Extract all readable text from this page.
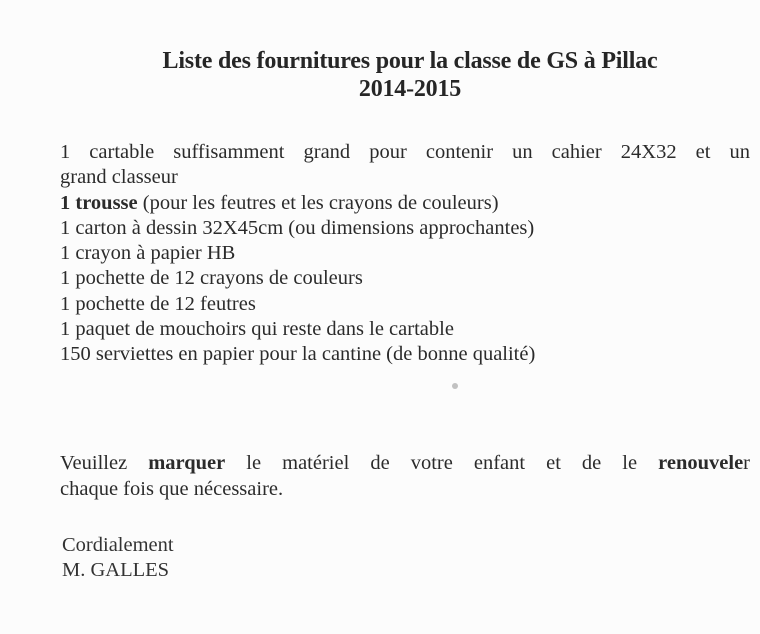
Liste des fournitures pour la classe de GS à Pillac
2014-2015
1 cartable suffisamment grand pour contenir un cahier 24X32 et un
grand classeur
1 trousse (pour les feutres et les crayons de couleurs)
1 carton à dessin 32X45cm (ou dimensions approchantes)
1 crayon à papier HB
1 pochette de 12 crayons de couleurs
1 pochette de 12 feutres
1 paquet de mouchoirs qui reste dans le cartable
150 serviettes en papier pour la cantine (de bonne qualité)
Veuillez marquer le matériel de votre enfant et de le renouveler
chaque fois que nécessaire.
Cordialement
M. GALLES
